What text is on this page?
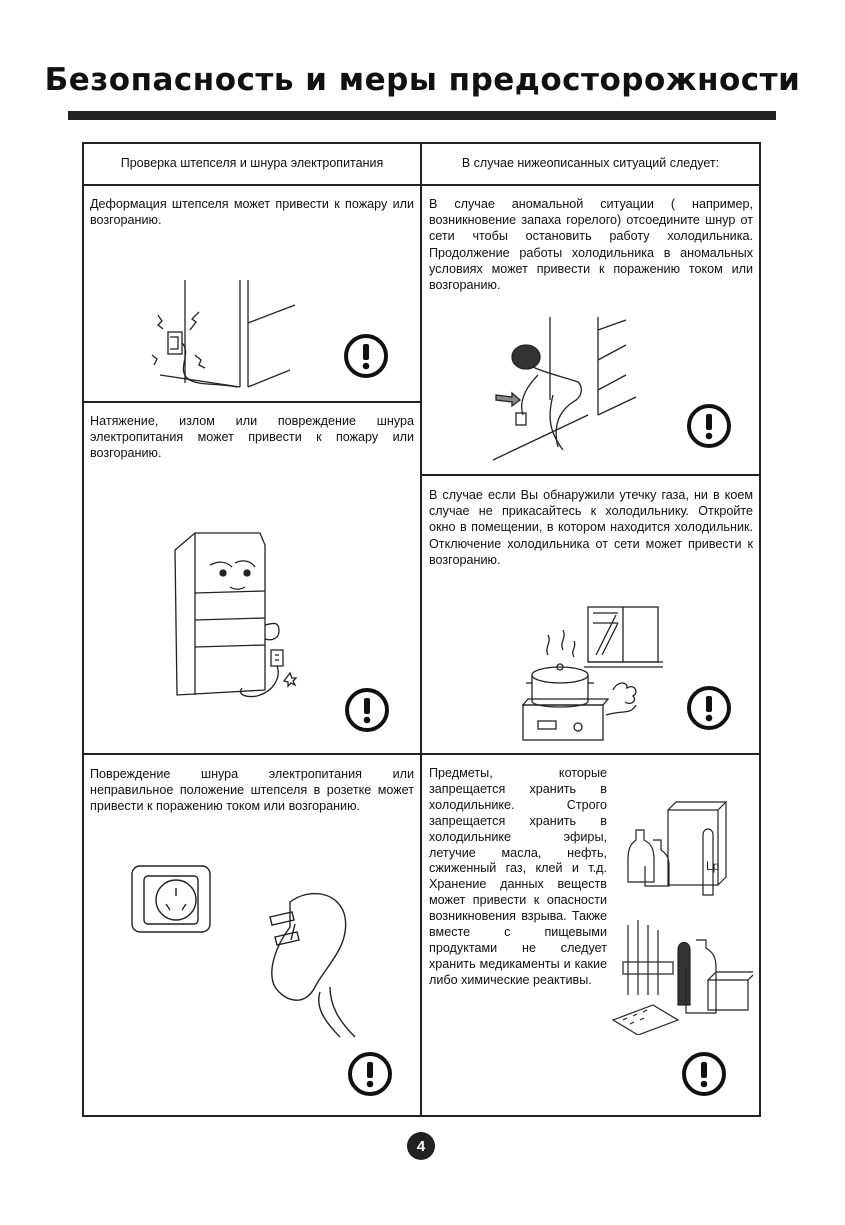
Безопасность и меры предосторожности
Проверка штепселя и шнура электропитания	В случае нижеописанных ситуаций следует:
Деформация штепселя может привести к пожару или возгоранию.
Натяжение, излом или повреждение шнура электропитания может привести к пожару или возгоранию.
Повреждение шнура электропитания или неправильное положение штепселя в розетке может привести к поражению током или возгоранию.
В случае аномальной ситуации ( например, возникновение запаха горелого) отсоедините шнур от сети чтобы остановить работу холодильника. Продолжение работы холодильника в аномальных условиях может привести к поражению током или возгоранию.
В случае если Вы обнаружили утечку газа, ни в коем случае не прикасайтесь к холодильнику. Откройте окно в помещении, в котором находится холодильник. Отключение холодильника от сети может привести к возгоранию.
Предметы, которые запрещается хранить в холодильнике. Строго запрещается хранить в холодильнике эфиры, летучие масла, нефть, сжиженный газ, клей и т.д. Хранение данных веществ может привести к опасности возникновения взрыва. Также вместе с пищевыми продуктами не следует хранить медикаменты и какие либо химические реактивы.
Lp
4
